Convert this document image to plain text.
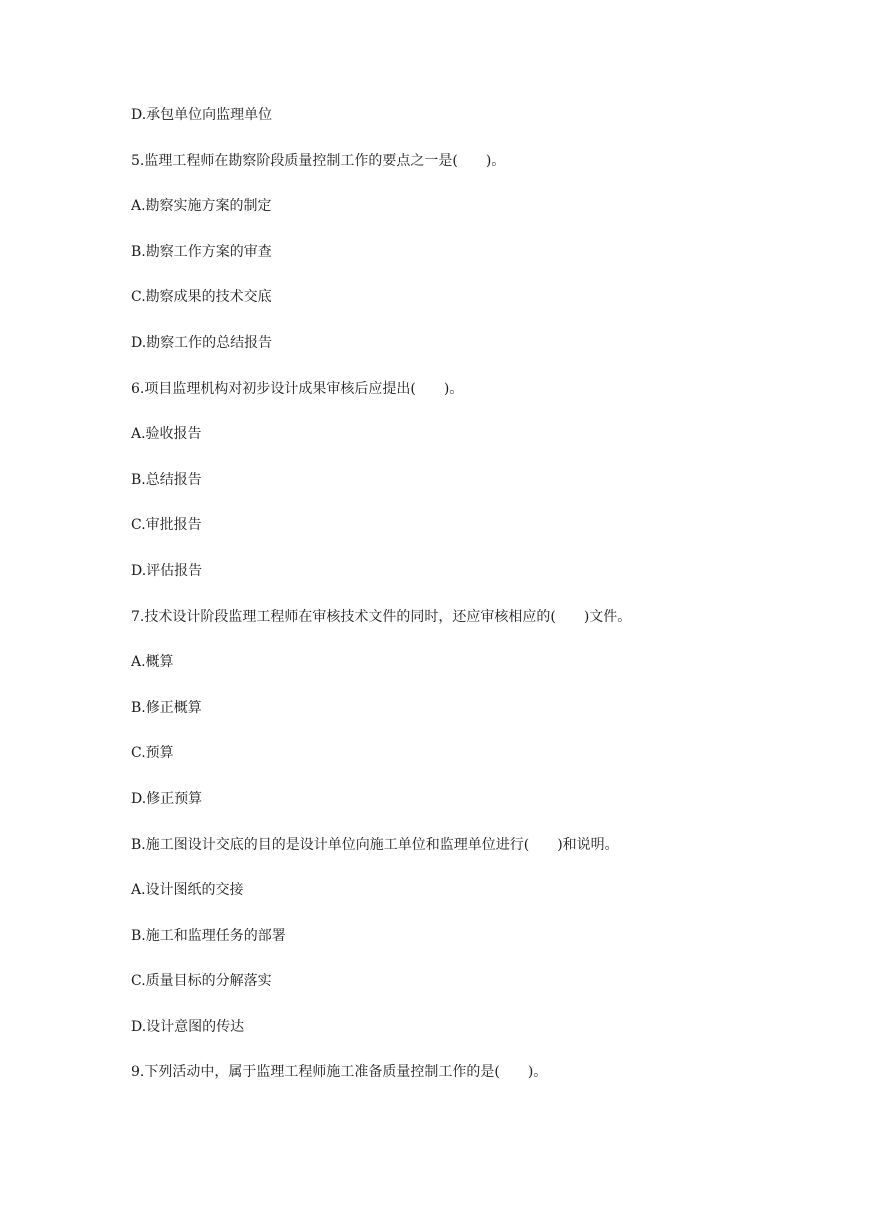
D.承包单位向监理单位
5.监理工程师在勘察阶段质量控制工作的要点之一是(　　)。
A.勘察实施方案的制定
B.勘察工作方案的审查
C.勘察成果的技术交底
D.勘察工作的总结报告
6.项目监理机构对初步设计成果审核后应提出(　　)。
A.验收报告
B.总结报告
C.审批报告
D.评估报告
7.技术设计阶段监理工程师在审核技术文件的同时，还应审核相应的(　　)文件。
A.概算
B.修正概算
C.预算
D.修正预算
B.施工图设计交底的目的是设计单位向施工单位和监理单位进行(　　)和说明。
A.设计图纸的交接
B.施工和监理任务的部署
C.质量目标的分解落实
D.设计意图的传达
9.下列活动中，属于监理工程师施工准备质量控制工作的是(　　)。
